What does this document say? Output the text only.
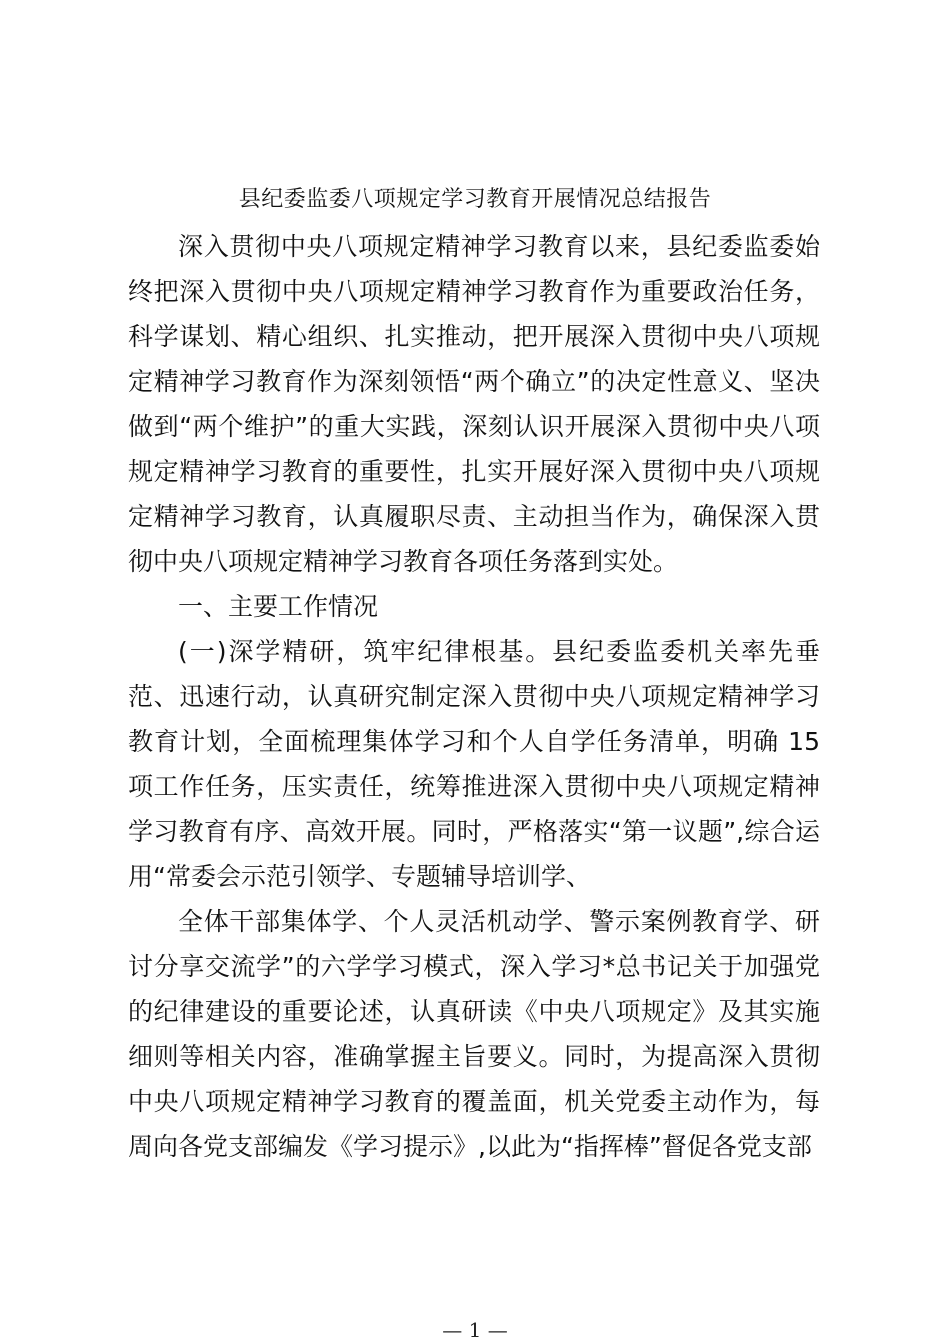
县纪委监委八项规定学习教育开展情况总结报告

深入贯彻中央八项规定精神学习教育以来，县纪委监委始终把深入贯彻中央八项规定精神学习教育作为重要政治任务，科学谋划、精心组织、扎实推动，把开展深入贯彻中央八项规定精神学习教育作为深刻领悟“两个确立”的决定性意义、坚决做到“两个维护”的重大实践，深刻认识开展深入贯彻中央八项规定精神学习教育的重要性，扎实开展好深入贯彻中央八项规定精神学习教育，认真履职尽责、主动担当作为，确保深入贯彻中央八项规定精神学习教育各项任务落到实处。

一、主要工作情况

(一)深学精研，筑牢纪律根基。县纪委监委机关率先垂范、迅速行动，认真研究制定深入贯彻中央八项规定精神学习教育计划，全面梳理集体学习和个人自学任务清单，明确 15 项工作任务，压实责任，统筹推进深入贯彻中央八项规定精神学习教育有序、高效开展。同时，严格落实“第一议题”,综合运用“常委会示范引领学、专题辅导培训学、

全体干部集体学、个人灵活机动学、警示案例教育学、研讨分享交流学”的六学学习模式，深入学习*总书记关于加强党的纪律建设的重要论述，认真研读《中央八项规定》及其实施细则等相关内容，准确掌握主旨要义。同时，为提高深入贯彻中央八项规定精神学习教育的覆盖面，机关党委主动作为，每周向各党支部编发《学习提示》,以此为“指挥棒”督促各党支部

— 1 —
